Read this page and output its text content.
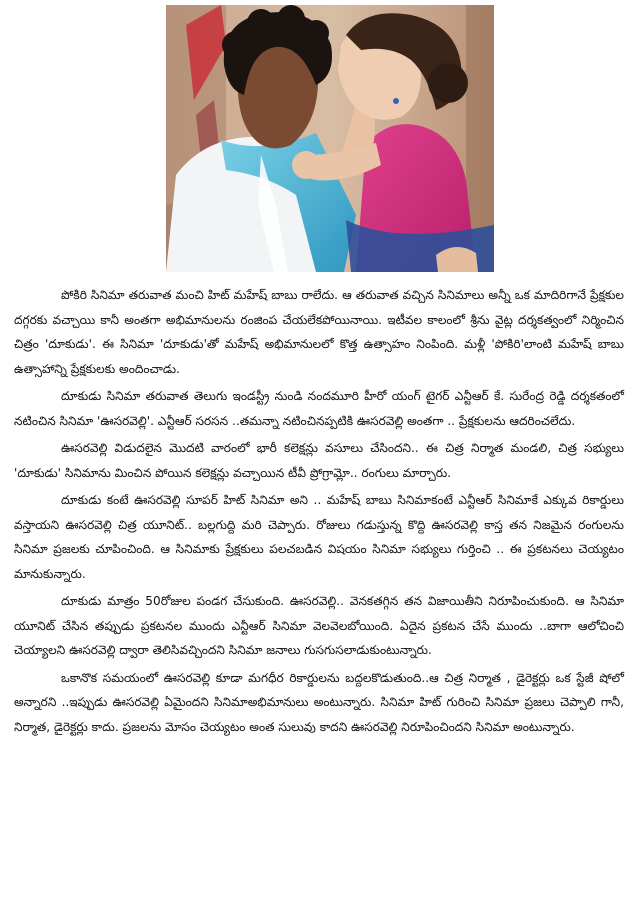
పోకిరి సినిమా తరువాత మంచి హిట్ మహేష్ బాబు రాలేదు. ఆ తరువాత వచ్చిన సినిమాలు అన్నీ ఒక మాదిరిగానే ప్రేక్షకుల దగ్గరకు వచ్చాయి కానీ అంతగా అభిమానులను రంజింప చేయలేకపోయినాయి. ఇటీవల కాలంలో శ్రీను వైట్ల దర్శకత్వంలో నిర్మించిన చిత్రం 'దూకుడు'. ఈ సినిమా 'దూకుడు'తో మహేష్ అభిమానులలో కొత్త ఉత్సాహం నింపింది. మళ్లీ 'పోకిరి'లాంటి మహేష్ బాబు ఉత్సాహాన్ని ప్రేక్షకులకు అందించాడు.

దూకుడు సినిమా తరువాత తెలుగు ఇండస్ట్రీ నుండి నందమూరి హీరో యంగ్ టైగర్ ఎన్టీఆర్ కే. సురేంద్ర రెడ్డి దర్శకతంలో నటించిన సినిమా 'ఊసరవెల్లి'. ఎన్టీఆర్ సరసన ..తమన్నా నటించినప్పటికి ఊసరవెల్లి అంతగా .. ప్రేక్షకులను ఆదరించలేదు.

ఊసరవెల్లి విడుదలైన మొదటి వారంలో భారీ కలెక్షన్లు వసూలు చేసిందని.. ఈ చిత్ర నిర్మాత మండలి, చిత్ర సభ్యులు 'దూకుడు' సినిమాను మించిన పోయిన కలెక్షన్లు వచ్చాయిన టీవీ ప్రోగ్రామ్లో.. రంగులు మార్చారు.

దూకుడు కంటే ఊసరవెల్లి సూపర్ హిట్ సినిమా అని .. మహేష్ బాబు సినిమాకంటే ఎన్టీఆర్ సినిమాకే ఎక్కువ రికార్డులు వస్తాయని ఊసరవెల్లి చిత్ర యూనిట్.. బల్లగుద్ది మరి చెప్పారు. రోజులు గడుస్తున్న కొద్ది ఊసరవెల్లి కాస్త తన నిజమైన రంగులను సినిమా ప్రజలకు చూపించింది. ఆ సినిమాకు ప్రేక్షకులు పలచబడిన విషయం సినిమా సభ్యులు గుర్తించి .. ఈ ప్రకటనలు చెయ్యటం మానుకున్నారు.

దూకుడు మాత్రం 50రోజుల పండగ చేసుకుంది. ఊసరవెల్లి.. వెనకతగ్గిన తన విజాయితీని నిరూపించుకుంది. ఆ సినిమా యూనిట్ చేసిన తప్పుడు ప్రకటనల ముందు ఎన్టీఆర్ సినిమా వెలవెలబోయింది. ఏదైన ప్రకటన చేసే ముందు ..బాగా ఆలోచించి చెయ్యాలని ఊసరవెల్లి ద్వారా తెలిసివచ్చిందని సినిమా జనాలు గుసగుసలాడుకుంటున్నారు.

ఒకానొక సమయంలో ఊసరవెల్లి కూడా మగధీర రికార్డులను బద్దలకొడుతుంది..ఆ చిత్ర నిర్మాత , డైరెక్టర్లు ఒక స్టేజీ షోలో అన్నారని ..ఇప్పుడు ఊసరవెల్లి ఏమైందని సినిమాఅభిమానులు అంటున్నారు. సినిమా హిట్ గురించి సినిమా ప్రజలు చెప్పాలి గానీ, నిర్మాత, డైరెక్టర్లు కాదు. ప్రజలను మోసం చెయ్యటం అంత సులువు కాదని ఊసరవెల్లి నిరూపించిందని సినిమా అంటున్నారు.
